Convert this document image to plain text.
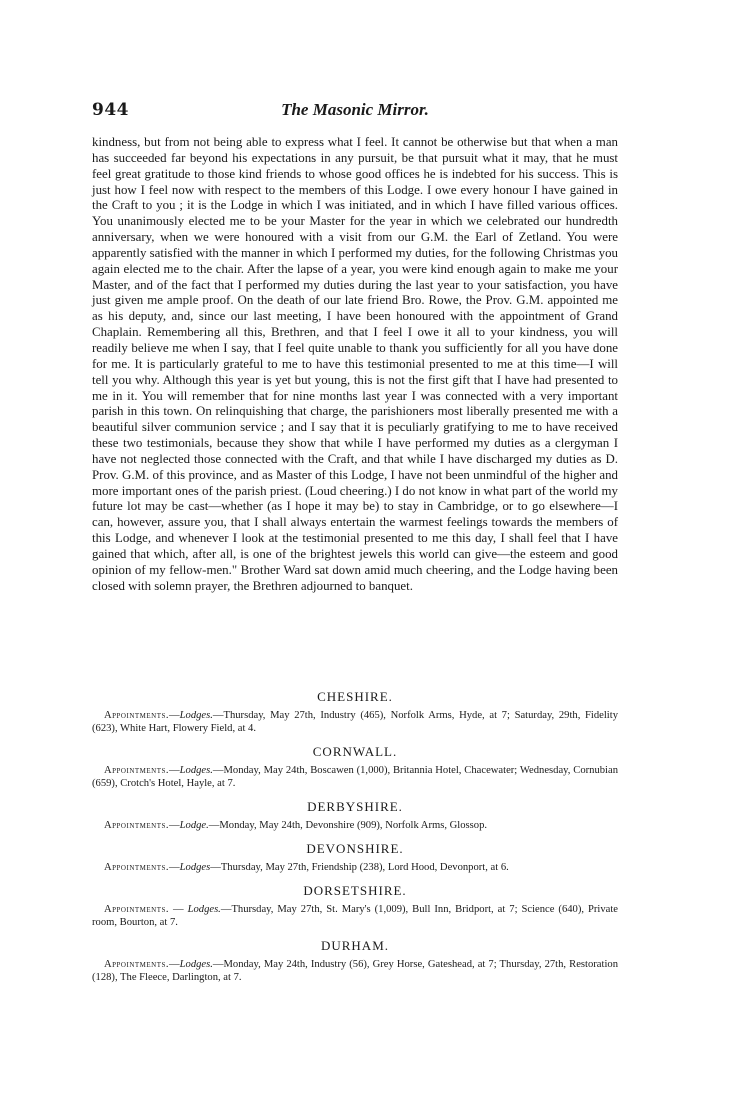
944	The Masonic Mirror.

kindness, but from not being able to express what I feel. It cannot be otherwise but that when a man has succeeded far beyond his expectations in any pursuit, be that pursuit what it may, that he must feel great gratitude to those kind friends to whose good offices he is indebted for his success. This is just how I feel now with respect to the members of this Lodge. I owe every honour I have gained in the Craft to you ; it is the Lodge in which I was initiated, and in which I have filled various offices. You unanimously elected me to be your Master for the year in which we celebrated our hundredth anniversary, when we were honoured with a visit from our G.M. the Earl of Zetland. You were apparently satisfied with the manner in which I performed my duties, for the following Christmas you again elected me to the chair. After the lapse of a year, you were kind enough again to make me your Master, and of the fact that I performed my duties during the last year to your satisfaction, you have just given me ample proof. On the death of our late friend Bro. Rowe, the Prov. G.M. appointed me as his deputy, and, since our last meeting, I have been honoured with the appointment of Grand Chaplain. Remembering all this, Brethren, and that I feel I owe it all to your kindness, you will readily believe me when I say, that I feel quite unable to thank you sufficiently for all you have done for me. It is particularly grateful to me to have this testimonial presented to me at this time—I will tell you why. Although this year is yet but young, this is not the first gift that I have had presented to me in it. You will remember that for nine months last year I was connected with a very important parish in this town. On relinquishing that charge, the parishioners most liberally presented me with a beautiful silver communion service ; and I say that it is peculiarly gratifying to me to have received these two testimonials, because they show that while I have performed my duties as a clergyman I have not neglected those connected with the Craft, and that while I have discharged my duties as D. Prov. G.M. of this province, and as Master of this Lodge, I have not been unmindful of the higher and more important ones of the parish priest. (Loud cheering.) I do not know in what part of the world my future lot may be cast—whether (as I hope it may be) to stay in Cambridge, or to go elsewhere—I can, however, assure you, that I shall always entertain the warmest feelings towards the members of this Lodge, and whenever I look at the testimonial presented to me this day, I shall feel that I have gained that which, after all, is one of the brightest jewels this world can give—the esteem and good opinion of my fellow-men." Brother Ward sat down amid much cheering, and the Lodge having been closed with solemn prayer, the Brethren adjourned to banquet.

CHESHIRE.

Appointments.—Lodges.—Thursday, May 27th, Industry (465), Norfolk Arms, Hyde, at 7; Saturday, 29th, Fidelity (623), White Hart, Flowery Field, at 4.

CORNWALL.

Appointments.—Lodges.—Monday, May 24th, Boscawen (1,000), Britannia Hotel, Chacewater; Wednesday, Cornubian (659), Crotch's Hotel, Hayle, at 7.

DERBYSHIRE.

Appointments.—Lodge.—Monday, May 24th, Devonshire (909), Norfolk Arms, Glossop.

DEVONSHIRE.

Appointments.—Lodges—Thursday, May 27th, Friendship (238), Lord Hood, Devonport, at 6.

DORSETSHIRE.

Appointments. — Lodges.—Thursday, May 27th, St. Mary's (1,009), Bull Inn, Bridport, at 7; Science (640), Private room, Bourton, at 7.

DURHAM.

Appointments.—Lodges.—Monday, May 24th, Industry (56), Grey Horse, Gateshead, at 7; Thursday, 27th, Restoration (128), The Fleece, Darlington, at 7.
